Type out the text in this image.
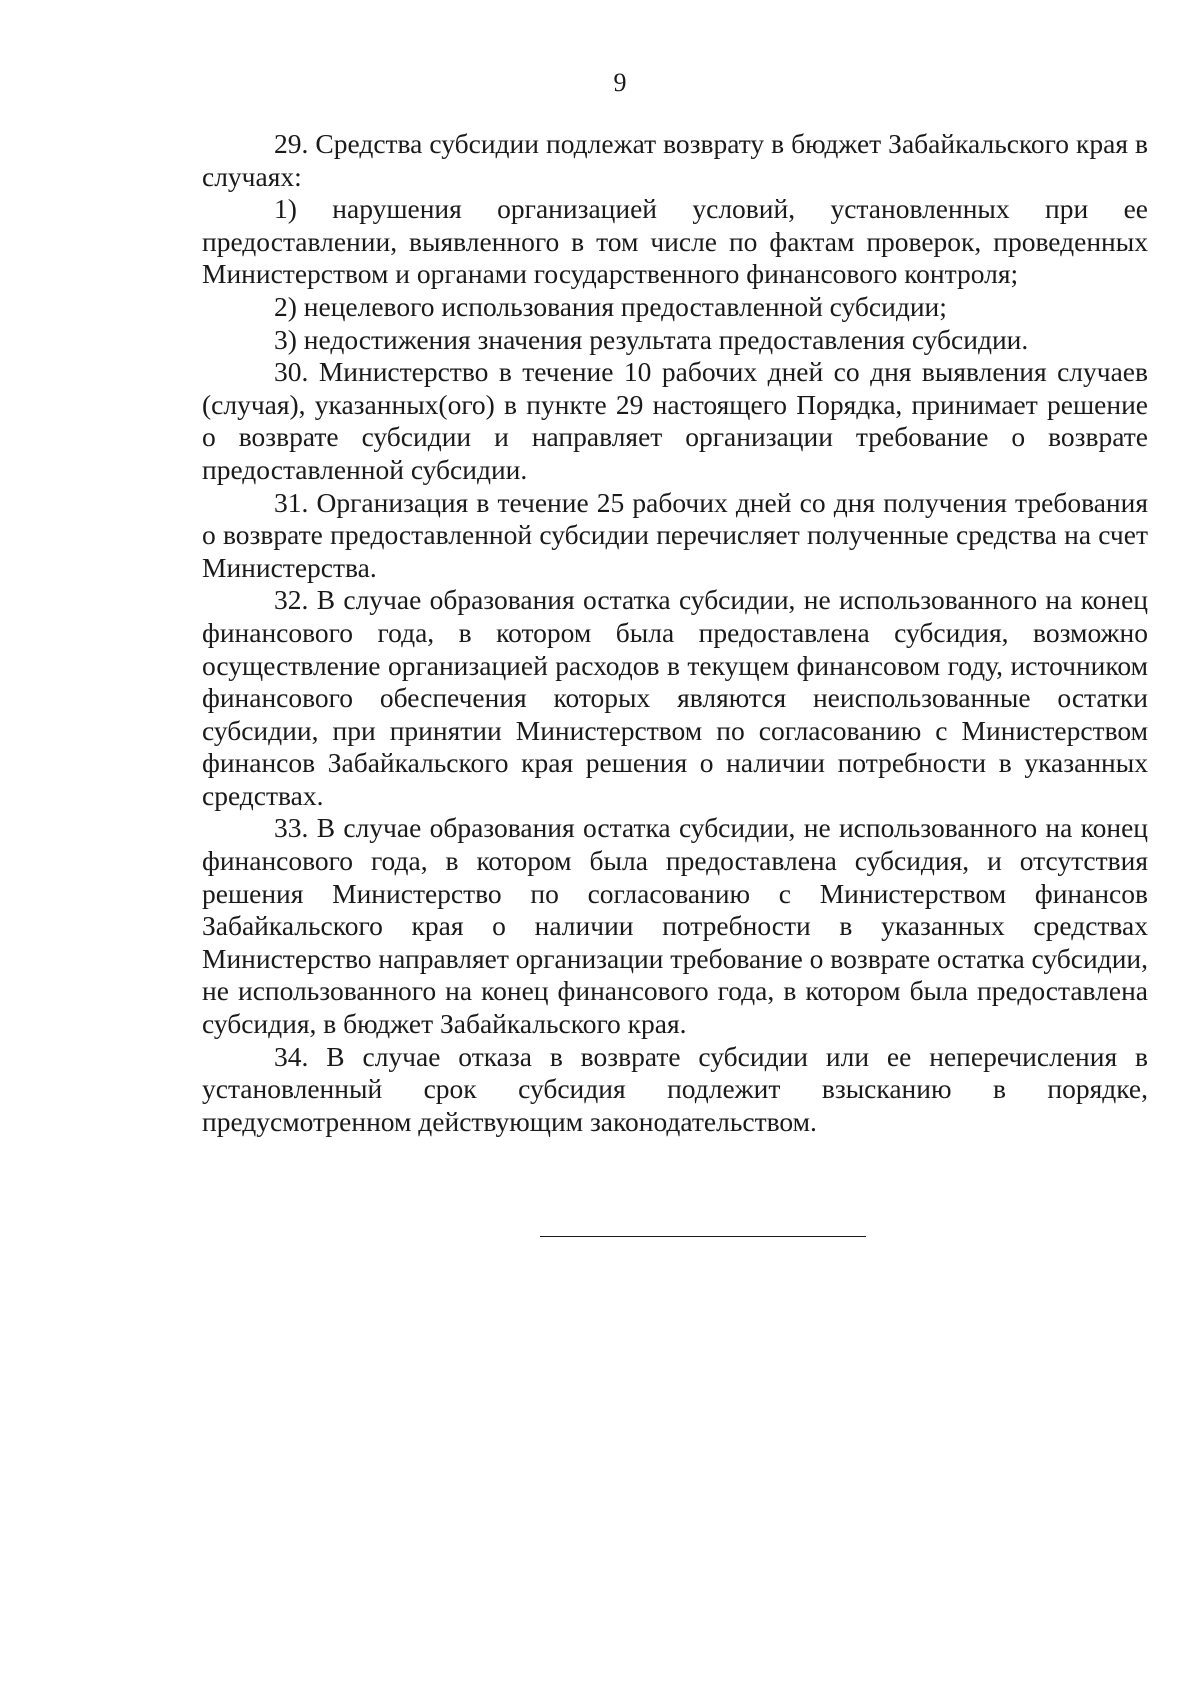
9

29. Средства субсидии подлежат возврату в бюджет Забайкальского края в случаях:

1) нарушения организацией условий, установленных при ее предоставлении, выявленного в том числе по фактам проверок, проведенных Министерством и органами государственного финансового контроля;

2) нецелевого использования предоставленной субсидии;

3) недостижения значения результата предоставления субсидии.

30. Министерство в течение 10 рабочих дней со дня выявления случаев (случая), указанных(ого) в пункте 29 настоящего Порядка, принимает решение о возврате субсидии и направляет организации требование о возврате предоставленной субсидии.

31. Организация в течение 25 рабочих дней со дня получения требования о возврате предоставленной субсидии перечисляет полученные средства на счет Министерства.

32. В случае образования остатка субсидии, не использованного на конец финансового года, в котором была предоставлена субсидия, возможно осуществление организацией расходов в текущем финансовом году, источником финансового обеспечения которых являются неиспользованные остатки субсидии, при принятии Министерством по согласованию с Министерством финансов Забайкальского края решения о наличии потребности в указанных средствах.

33. В случае образования остатка субсидии, не использованного на конец финансового года, в котором была предоставлена субсидия, и отсутствия решения Министерство по согласованию с Министерством финансов Забайкальского края о наличии потребности в указанных средствах Министерство направляет организации требование о возврате остатка субсидии, не использованного на конец финансового года, в котором была предоставлена субсидия, в бюджет Забайкальского края.

34. В случае отказа в возврате субсидии или ее неперечисления в установленный срок субсидия подлежит взысканию в порядке, предусмотренном действующим законодательством.
